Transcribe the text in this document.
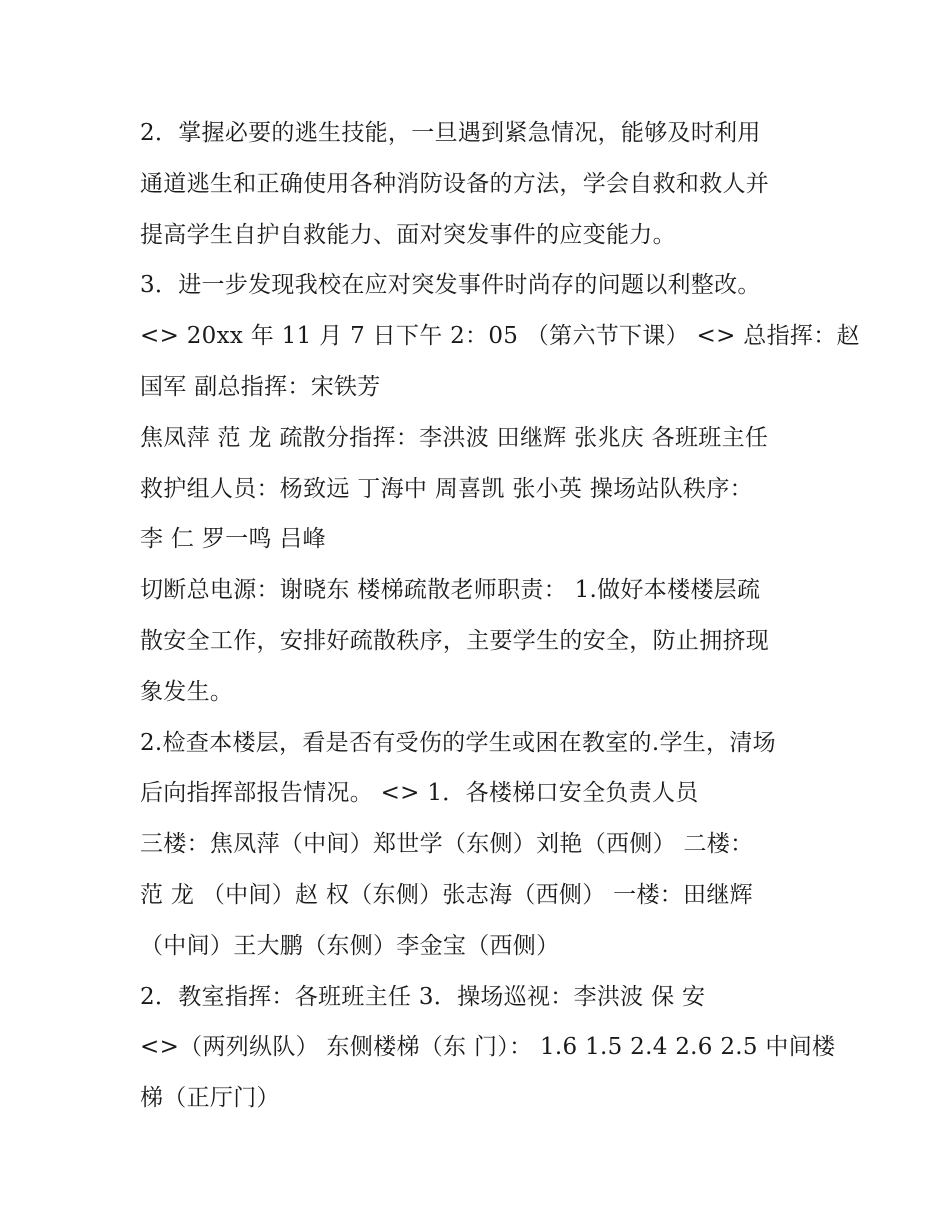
2．掌握必要的逃生技能，一旦遇到紧急情况，能够及时利用
通道逃生和正确使用各种消防设备的方法，学会自救和救人并
提高学生自护自救能力、面对突发事件的应变能力。
3．进一步发现我校在应对突发事件时尚存的问题以利整改。
<> 20xx 年 11 月 7 日下午 2：05 （第六节下课） <> 总指挥：赵
国军 副总指挥：宋铁芳
焦凤萍 范 龙 疏散分指挥：李洪波 田继辉 张兆庆 各班班主任
救护组人员：杨致远 丁海中 周喜凯 张小英 操场站队秩序：
李 仁 罗一鸣 吕峰
切断总电源：谢晓东 楼梯疏散老师职责： 1.做好本楼楼层疏
散安全工作，安排好疏散秩序，主要学生的安全，防止拥挤现
象发生。
2.检查本楼层，看是否有受伤的学生或困在教室的.学生，清场
后向指挥部报告情况。 <> 1．各楼梯口安全负责人员
三楼：焦凤萍（中间）郑世学（东侧）刘艳（西侧） 二楼：
范 龙 （中间）赵 权（东侧）张志海（西侧） 一楼：田继辉
（中间）王大鹏（东侧）李金宝（西侧）
2．教室指挥：各班班主任 3．操场巡视：李洪波 保 安
<>（两列纵队） 东侧楼梯（东 门）： 1.6 1.5 2.4 2.6 2.5 中间楼
梯（正厅门）
